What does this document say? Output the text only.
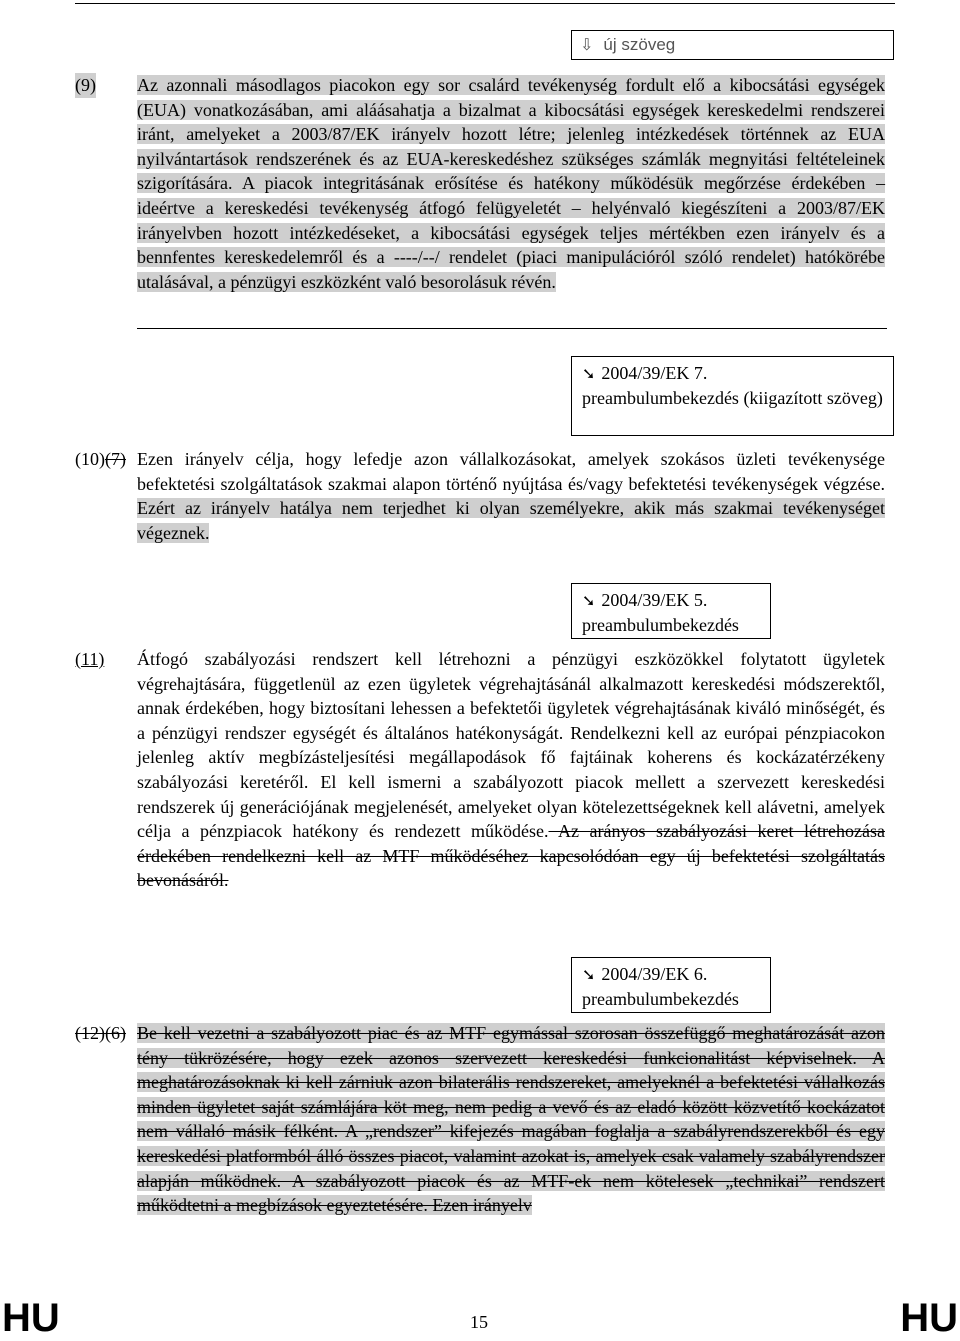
⇩ új szöveg
(9) Az azonnali másodlagos piacokon egy sor csalárd tevékenység fordult elő a kibocsátási egységek (EUA) vonatkozásában, ami aláásahatja a bizalmat a kibocsátási egységek kereskedelmi rendszerei iránt, amelyeket a 2003/87/EK irányelv hozott létre; jelenleg intézkedések történnek az EUA nyilvántartások rendszerének és az EUA-kereskedéshez szükséges számlák megnyitási feltételeinek szigorítására. A piacok integritásának erősítése és hatékony működésük megőrzése érdekében – ideértve a kereskedési tevékenység átfogó felügyeletét – helyénvaló kiegészíteni a 2003/87/EK irányelvben hozott intézkedéseket, a kibocsátási egységek teljes mértékben ezen irányelv és a bennfentes kereskedelemről és a ----/--/ rendelet (piaci manipulációról szóló rendelet) hatókörébe utalásával, a pénzügyi eszközként való besorolásuk révén.
➘ 2004/39/EK 7.
preambulumbekezdés (kiigazított szöveg)
(10)(7) Ezen irányelv célja, hogy lefedje azon vállalkozásokat, amelyek szokásos üzleti tevékenysége befektetési szolgáltatások szakmai alapon történő nyújtása és/vagy befektetési tevékenységek végzése. Ezért az irányelv hatálya nem terjedhet ki olyan személyekre, akik más szakmai tevékenységet végeznek.
➘ 2004/39/EK 5.
preambulumbekezdés
(11) Átfogó szabályozási rendszert kell létrehozni a pénzügyi eszközökkel folytatott ügyletek végrehajtására, függetlenül az ezen ügyletek végrehajtásánál alkalmazott kereskedési módszerektől, annak érdekében, hogy biztosítani lehessen a befektetői ügyletek végrehajtásának kiváló minőségét, és a pénzügyi rendszer egységét és általános hatékonyságát. Rendelkezni kell az európai pénzpiacokon jelenleg aktív megbízásteljesítési megállapodások fő fajtáinak koherens és kockázatérzékeny szabályozási keretéről. El kell ismerni a szabályozott piacok mellett a szervezett kereskedési rendszerek új generációjának megjelenését, amelyeket olyan kötelezettségeknek kell alávetni, amelyek célja a pénzpiacok hatékony és rendezett működése. Az arányos szabályozási keret létrehozása érdekében rendelkezni kell az MTF működéséhez kapcsolódóan egy új befektetési szolgáltatás bevonásáról.
➘ 2004/39/EK 6.
preambulumbekezdés
(12)(6) Be kell vezetni a szabályozott piac és az MTF egymással szorosan összefüggő meghatározását azon tény tükrözésére, hogy ezek azonos szervezett kereskedési funkcionalitást képviselnek. A meghatározásoknak ki kell zárniuk azon bilaterális rendszereket, amelyeknél a befektetési vállalkozás minden ügyletet saját számlájára köt meg, nem pedig a vevő és az eladó között közvetítő kockázatot nem vállaló másik félként. A „rendszer” kifejezés magában foglalja a szabályrendszerekből és egy kereskedési platformból álló összes piacot, valamint azokat is, amelyek csak valamely szabályrendszer alapján működnek. A szabályozott piacok és az MTF-ek nem kötelesek „technikai” rendszert működtetni a megbízások egyeztetésére. Ezen irányelv
HU	15	HU
